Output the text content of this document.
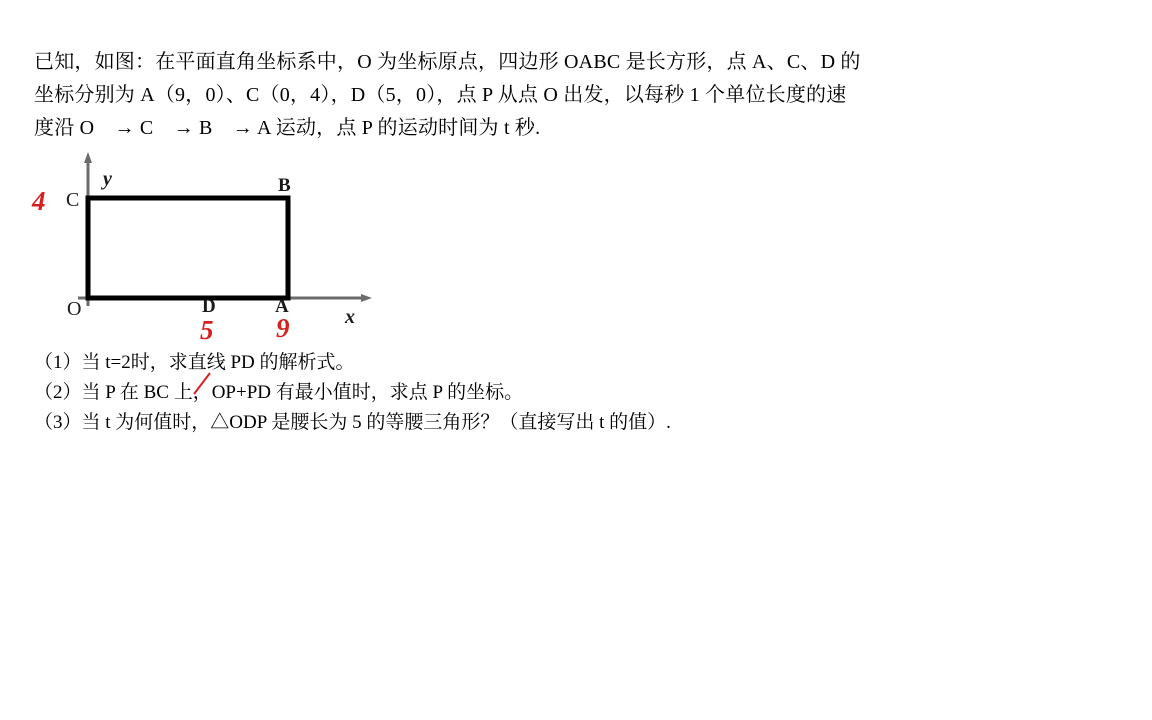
已知，如图：在平面直角坐标系中，O 为坐标原点，四边形 OABC 是长方形，点 A、C、D 的
坐标分别为 A（9，0）、C（0，4），D（5，0），点 P 从点 O 出发，以每秒 1 个单位长度的速
度沿 O　→ C　→ B　→ A 运动，点 P 的运动时间为 t 秒.
y
x
C
B
O	D	A
4
5 9
（1）当 t=2时，求直线 PD 的解析式。
（2）当 P 在 BC 上，OP+PD 有最小值时，求点 P 的坐标。
（3）当 t 为何值时，△ODP 是腰长为 5 的等腰三角形？（直接写出 t 的值）.
